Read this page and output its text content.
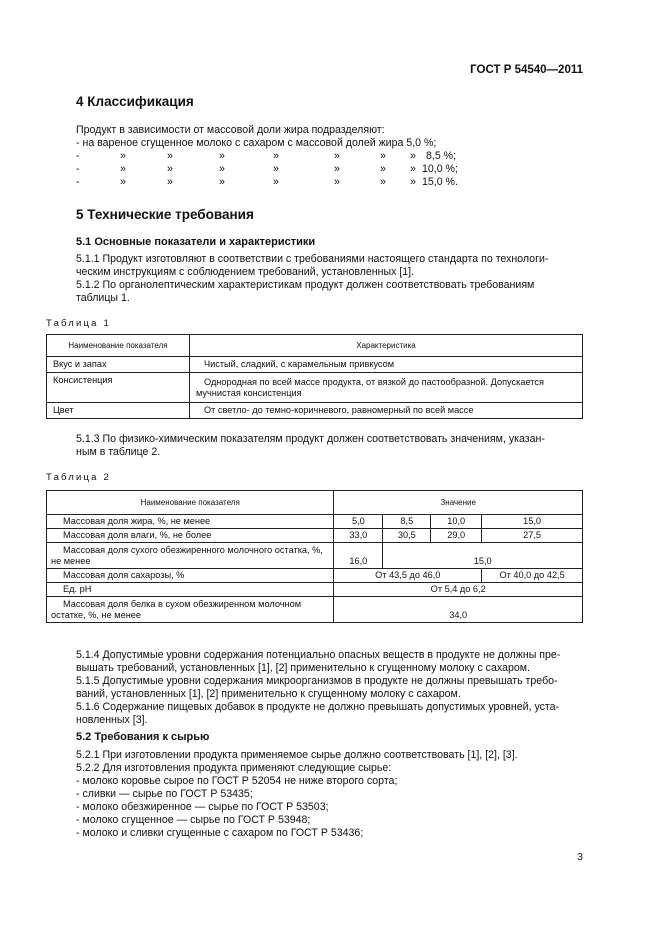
ГОСТ Р 54540—2011
4 Классификация
Продукт в зависимости от массовой доли жира подразделяют:
- на вареное сгущенное молоко с сахаром с массовой долей жира 5,0 %;
-	»	»	»	»	»	» » 8,5 %;
-	»	»	»	»	»	» » 10,0 %;
-	»	»	»	»	»	» » 15,0 %.
5 Технические требования
5.1 Основные показатели и характеристики
5.1.1 Продукт изготовляют в соответствии с требованиями настоящего стандарта по технологи-
ческим инструкциям с соблюдением требований, установленных [1].
5.1.2 По органолептическим характеристикам продукт должен соответствовать требованиям
таблицы 1.
Таблица 1
Наименование показателя	Характеристика
Вкус и запах	Чистый, сладкий, с карамельным привкусом
Консистенция	Однородная по всей массе продукта, от вязкой до пастообразной. Допускается мучнистая консистенция
Цвет	От светло- до темно-коричневого, равномерный по всей массе
5.1.3 По физико-химическим показателям продукт должен соответствовать значениям, указан-
ным в таблице 2.
Таблица 2
Наименование показателя	Значение			
Массовая доля жира, %, не менее	5,0	8,5	10,0	15,0
Массовая доля влаги, %, не более	33,0	30,5	29,0	27,5
Массовая доля сухого обезжиренного молочного остатка, %, не менее	16,0	15,0		
Массовая доля сахарозы, %	От 43,5 до 46,0			От 40,0 до 42,5
Ед. рН	От 5,4 до 6,2			
Массовая доля белка в сухом обезжиренном молочном остатке, %, не менее	34,0			
5.1.4 Допустимые уровни содержания потенциально опасных веществ в продукте не должны пре-
вышать требований, установленных [1], [2] применительно к сгущенному молоку с сахаром.
5.1.5 Допустимые уровни содержания микроорганизмов в продукте не должны превышать требо-
ваний, установленных [1], [2] применительно к сгущенному молоку с сахаром.
5.1.6 Содержание пищевых добавок в продукте не должно превышать допустимых уровней, уста-
новленных [3].
5.2 Требования к сырью
5.2.1 При изготовлении продукта применяемое сырье должно соответствовать [1], [2], [3].
5.2.2 Для изготовления продукта применяют следующие сырье:
- молоко коровье сырое по ГОСТ Р 52054 не ниже второго сорта;
- сливки — сырье по ГОСТ Р 53435;
- молоко обезжиренное — сырье по ГОСТ Р 53503;
- молоко сгущенное — сырье по ГОСТ Р 53948;
- молоко и сливки сгущенные с сахаром по ГОСТ Р 53436;
3
